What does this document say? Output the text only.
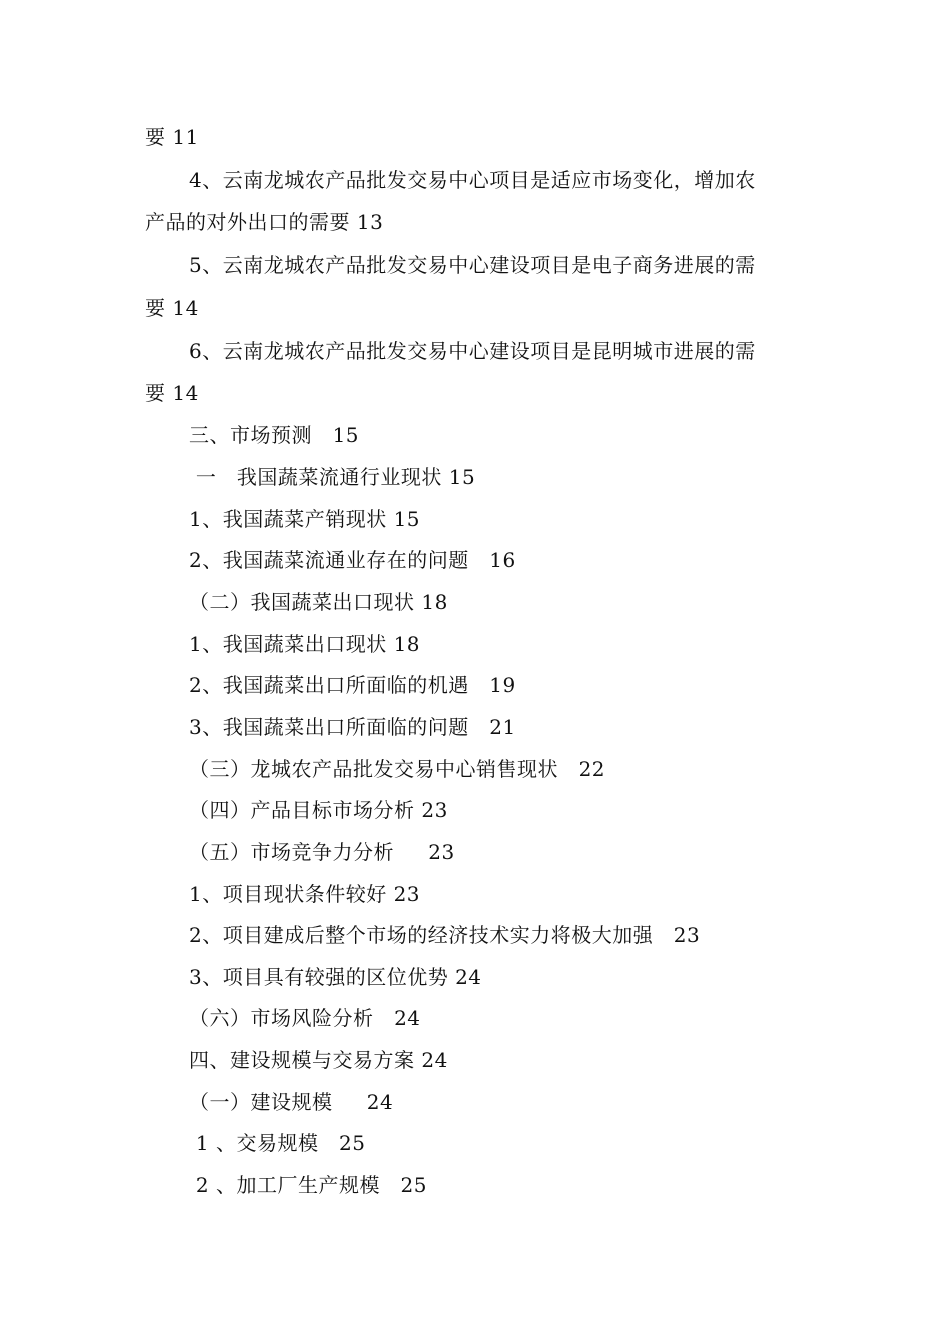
要 11
4、云南龙城农产品批发交易中心项目是适应市场变化，增加农
产品的对外出口的需要 13
5、云南龙城农产品批发交易中心建设项目是电子商务进展的需
要 14
6、云南龙城农产品批发交易中心建设项目是昆明城市进展的需
要 14
三、市场预测   15
一   我国蔬菜流通行业现状 15
1、我国蔬菜产销现状 15
2、我国蔬菜流通业存在的问题   16
（二）我国蔬菜出口现状 18
1、我国蔬菜出口现状 18
2、我国蔬菜出口所面临的机遇   19
3、我国蔬菜出口所面临的问题   21
（三）龙城农产品批发交易中心销售现状   22
（四）产品目标市场分析 23
（五）市场竞争力分析     23
1、项目现状条件较好 23
2、项目建成后整个市场的经济技术实力将极大加强   23
3、项目具有较强的区位优势 24
（六）市场风险分析   24
四、建设规模与交易方案 24
（一）建设规模     24
1 、交易规模   25
2 、加工厂生产规模   25
